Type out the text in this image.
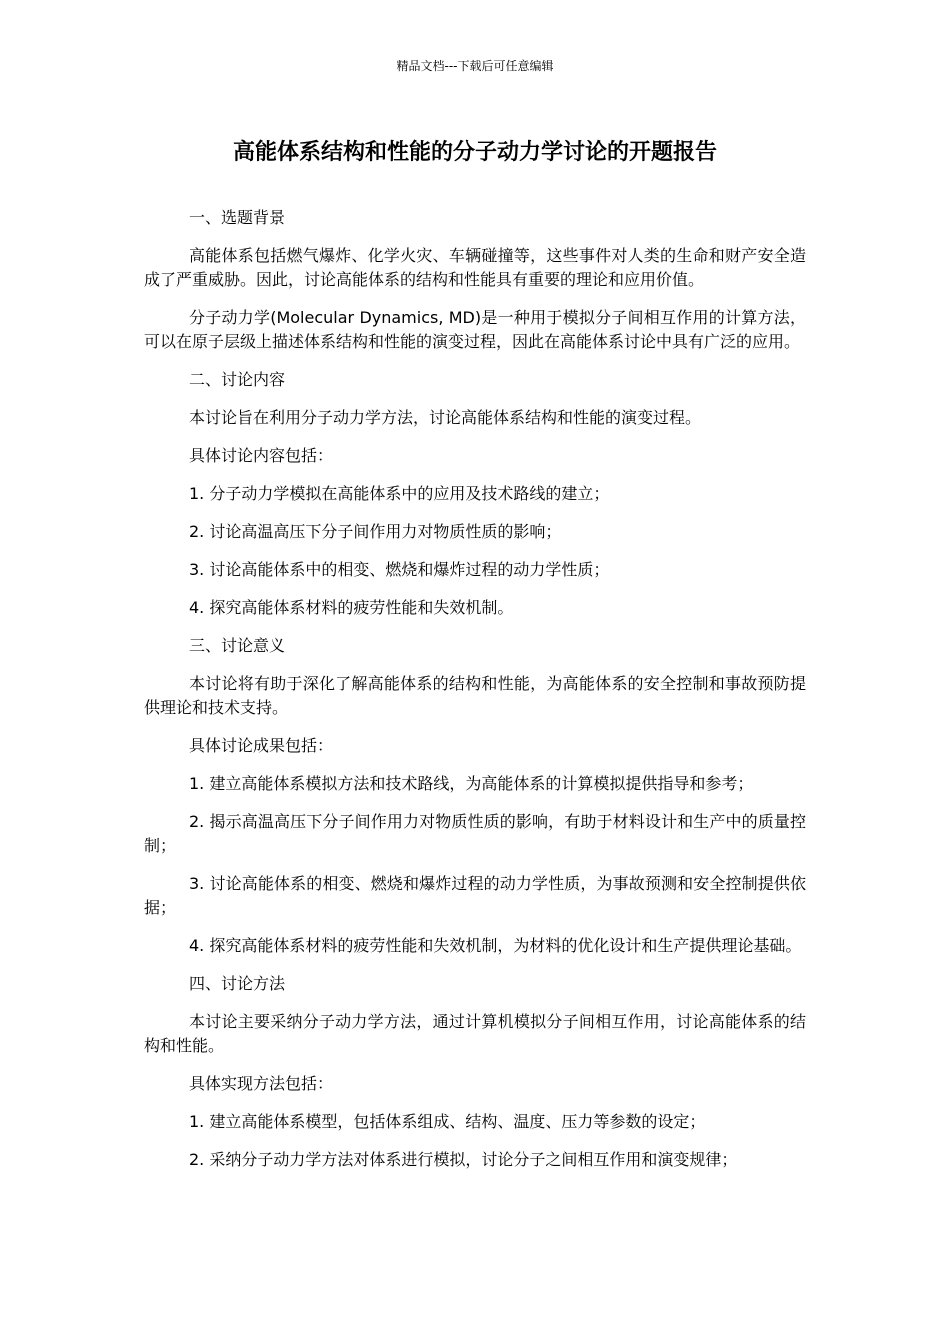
精品文档---下载后可任意编辑
高能体系结构和性能的分子动力学讨论的开题报告

一、选题背景

高能体系包括燃气爆炸、化学火灾、车辆碰撞等，这些事件对人类的生命和财产安全造成了严重威胁。因此，讨论高能体系的结构和性能具有重要的理论和应用价值。

分子动力学(Molecular Dynamics, MD)是一种用于模拟分子间相互作用的计算方法，可以在原子层级上描述体系结构和性能的演变过程，因此在高能体系讨论中具有广泛的应用。

二、讨论内容

本讨论旨在利用分子动力学方法，讨论高能体系结构和性能的演变过程。

具体讨论内容包括：

1. 分子动力学模拟在高能体系中的应用及技术路线的建立；

2. 讨论高温高压下分子间作用力对物质性质的影响；

3. 讨论高能体系中的相变、燃烧和爆炸过程的动力学性质；

4. 探究高能体系材料的疲劳性能和失效机制。

三、讨论意义

本讨论将有助于深化了解高能体系的结构和性能，为高能体系的安全控制和事故预防提供理论和技术支持。

具体讨论成果包括：

1. 建立高能体系模拟方法和技术路线，为高能体系的计算模拟提供指导和参考；

2. 揭示高温高压下分子间作用力对物质性质的影响，有助于材料设计和生产中的质量控制；

3. 讨论高能体系的相变、燃烧和爆炸过程的动力学性质，为事故预测和安全控制提供依据；

4. 探究高能体系材料的疲劳性能和失效机制，为材料的优化设计和生产提供理论基础。

四、讨论方法

本讨论主要采纳分子动力学方法，通过计算机模拟分子间相互作用，讨论高能体系的结构和性能。

具体实现方法包括：

1. 建立高能体系模型，包括体系组成、结构、温度、压力等参数的设定；

2. 采纳分子动力学方法对体系进行模拟，讨论分子之间相互作用和演变规律；
